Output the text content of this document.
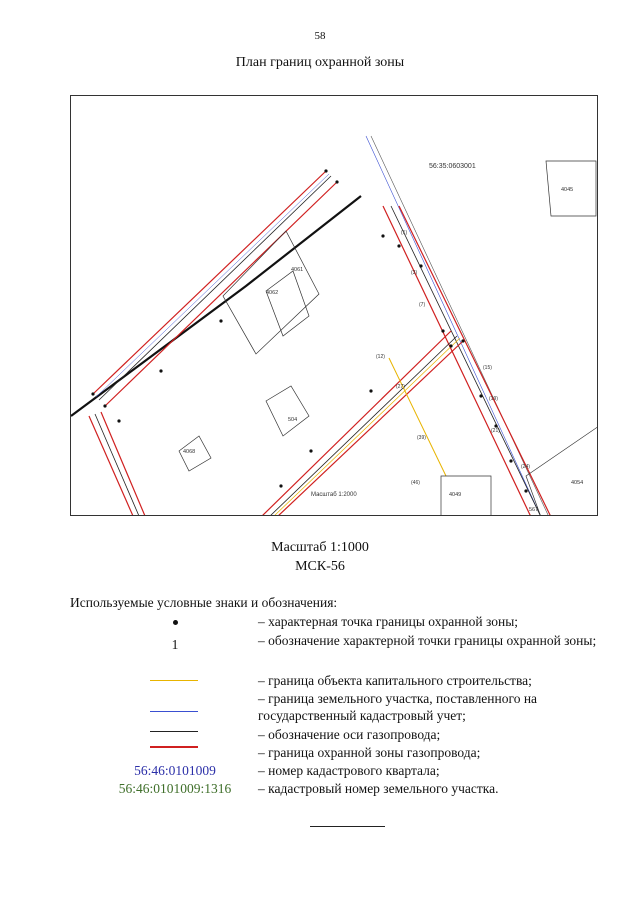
58
План границ охранной зоны
56:35:0603001
4045
4061
4062
504
4068
4049
4054
567
Масштаб 1:2000
(1)
(3)
(7)
(12)
(15)
(19)
(21)
(24)
(27)
(39)
(46)
Масштаб 1:1000
МСК-56
Используемые условные знаки и обозначения:
– характерная точка границы охранной зоны;
1	– обозначение характерной точки границы охранной зоны;
– граница объекта капитального строительства;
– граница земельного участка, поставленного на государственный кадастровый учет;
– обозначение оси газопровода;
– граница охранной зоны газопровода;
56:46:0101009	– номер кадастрового квартала;
56:46:0101009:1316	– кадастровый номер земельного участка.
